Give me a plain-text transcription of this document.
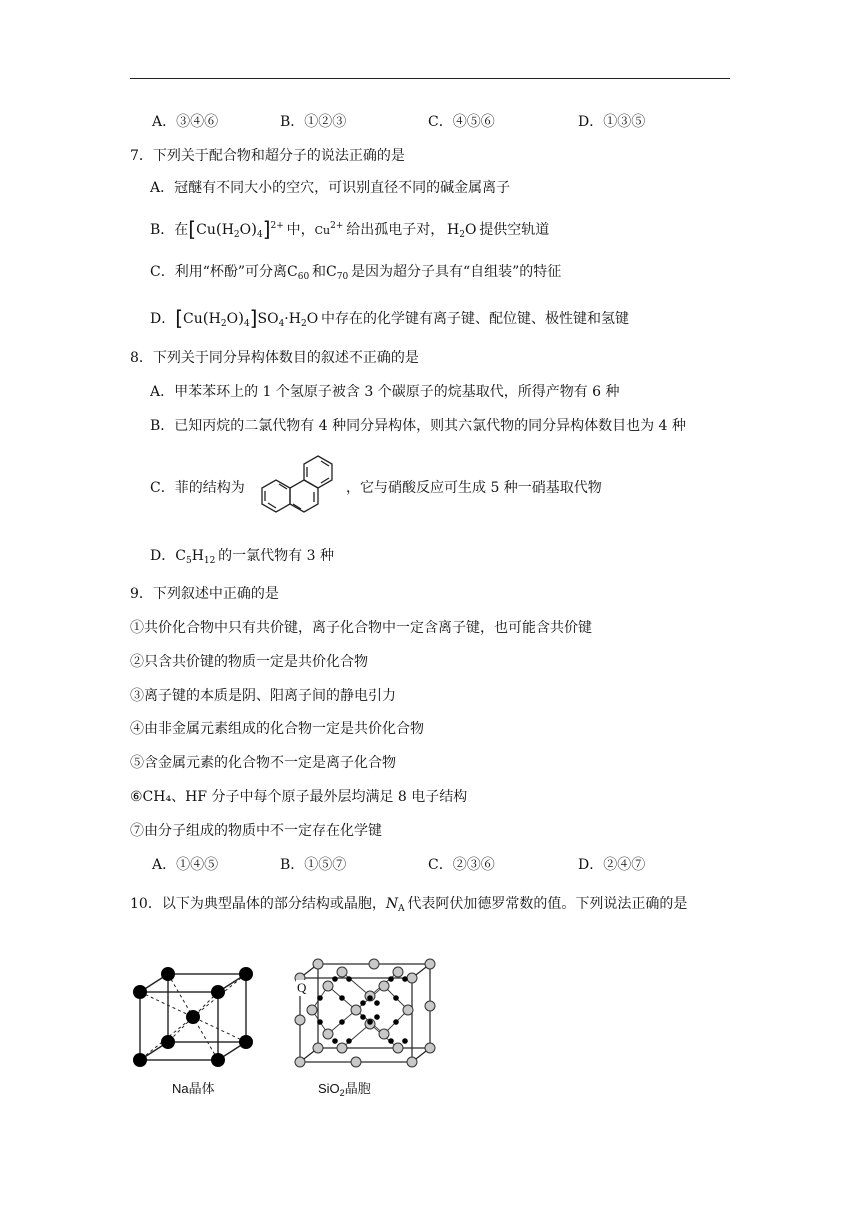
A．③④⑥	B．①②③	C．④⑤⑥	D．①③⑤
7．下列关于配合物和超分子的说法正确的是
A．冠醚有不同大小的空穴，可识别直径不同的碱金属离子
B．在$[Cu(H_2O)_4]^{2+}$  中，$Cu^{2+}$  给出孤电子对， $H_2O$ 提供空轨道
C．利用“杯酚”可分离$C_{60}$  和$C_{70}$  是因为超分子具有“自组装”的特征
D．$[Cu(H_2O)_4]SO_4\cdot H_2O$ 中存在的化学键有离子键、配位键、极性键和氢键
8．下列关于同分异构体数目的叙述不正确的是
A．甲苯苯环上的 1 个氢原子被含 3 个碳原子的烷基取代，所得产物有 6 种
B．已知丙烷的二氯代物有 4 种同分异构体，则其六氯代物的同分异构体数目也为 4 种
C．菲的结构为	，它与硝酸反应可生成 5 种一硝基取代物
D．$C_5H_{12}$  的一氯代物有 3 种
9．下列叙述中正确的是
①共价化合物中只有共价键，离子化合物中一定含离子键，也可能含共价键
②只含共价键的物质一定是共价化合物
③离子键的本质是阴、阳离子间的静电引力
④由非金属元素组成的化合物一定是共价化合物
⑤含金属元素的化合物不一定是离子化合物
⑥CH₄、HF 分子中每个原子最外层均满足 8 电子结构
⑦由分子组成的物质中不一定存在化学键
A．①④⑤	B．①⑤⑦	C．②③⑥	D．②④⑦
10．以下为典型晶体的部分结构或晶胞，$N_A$  代表阿伏加德罗常数的值。下列说法正确的是
Na晶体
Q
SiO$_2$晶胞
